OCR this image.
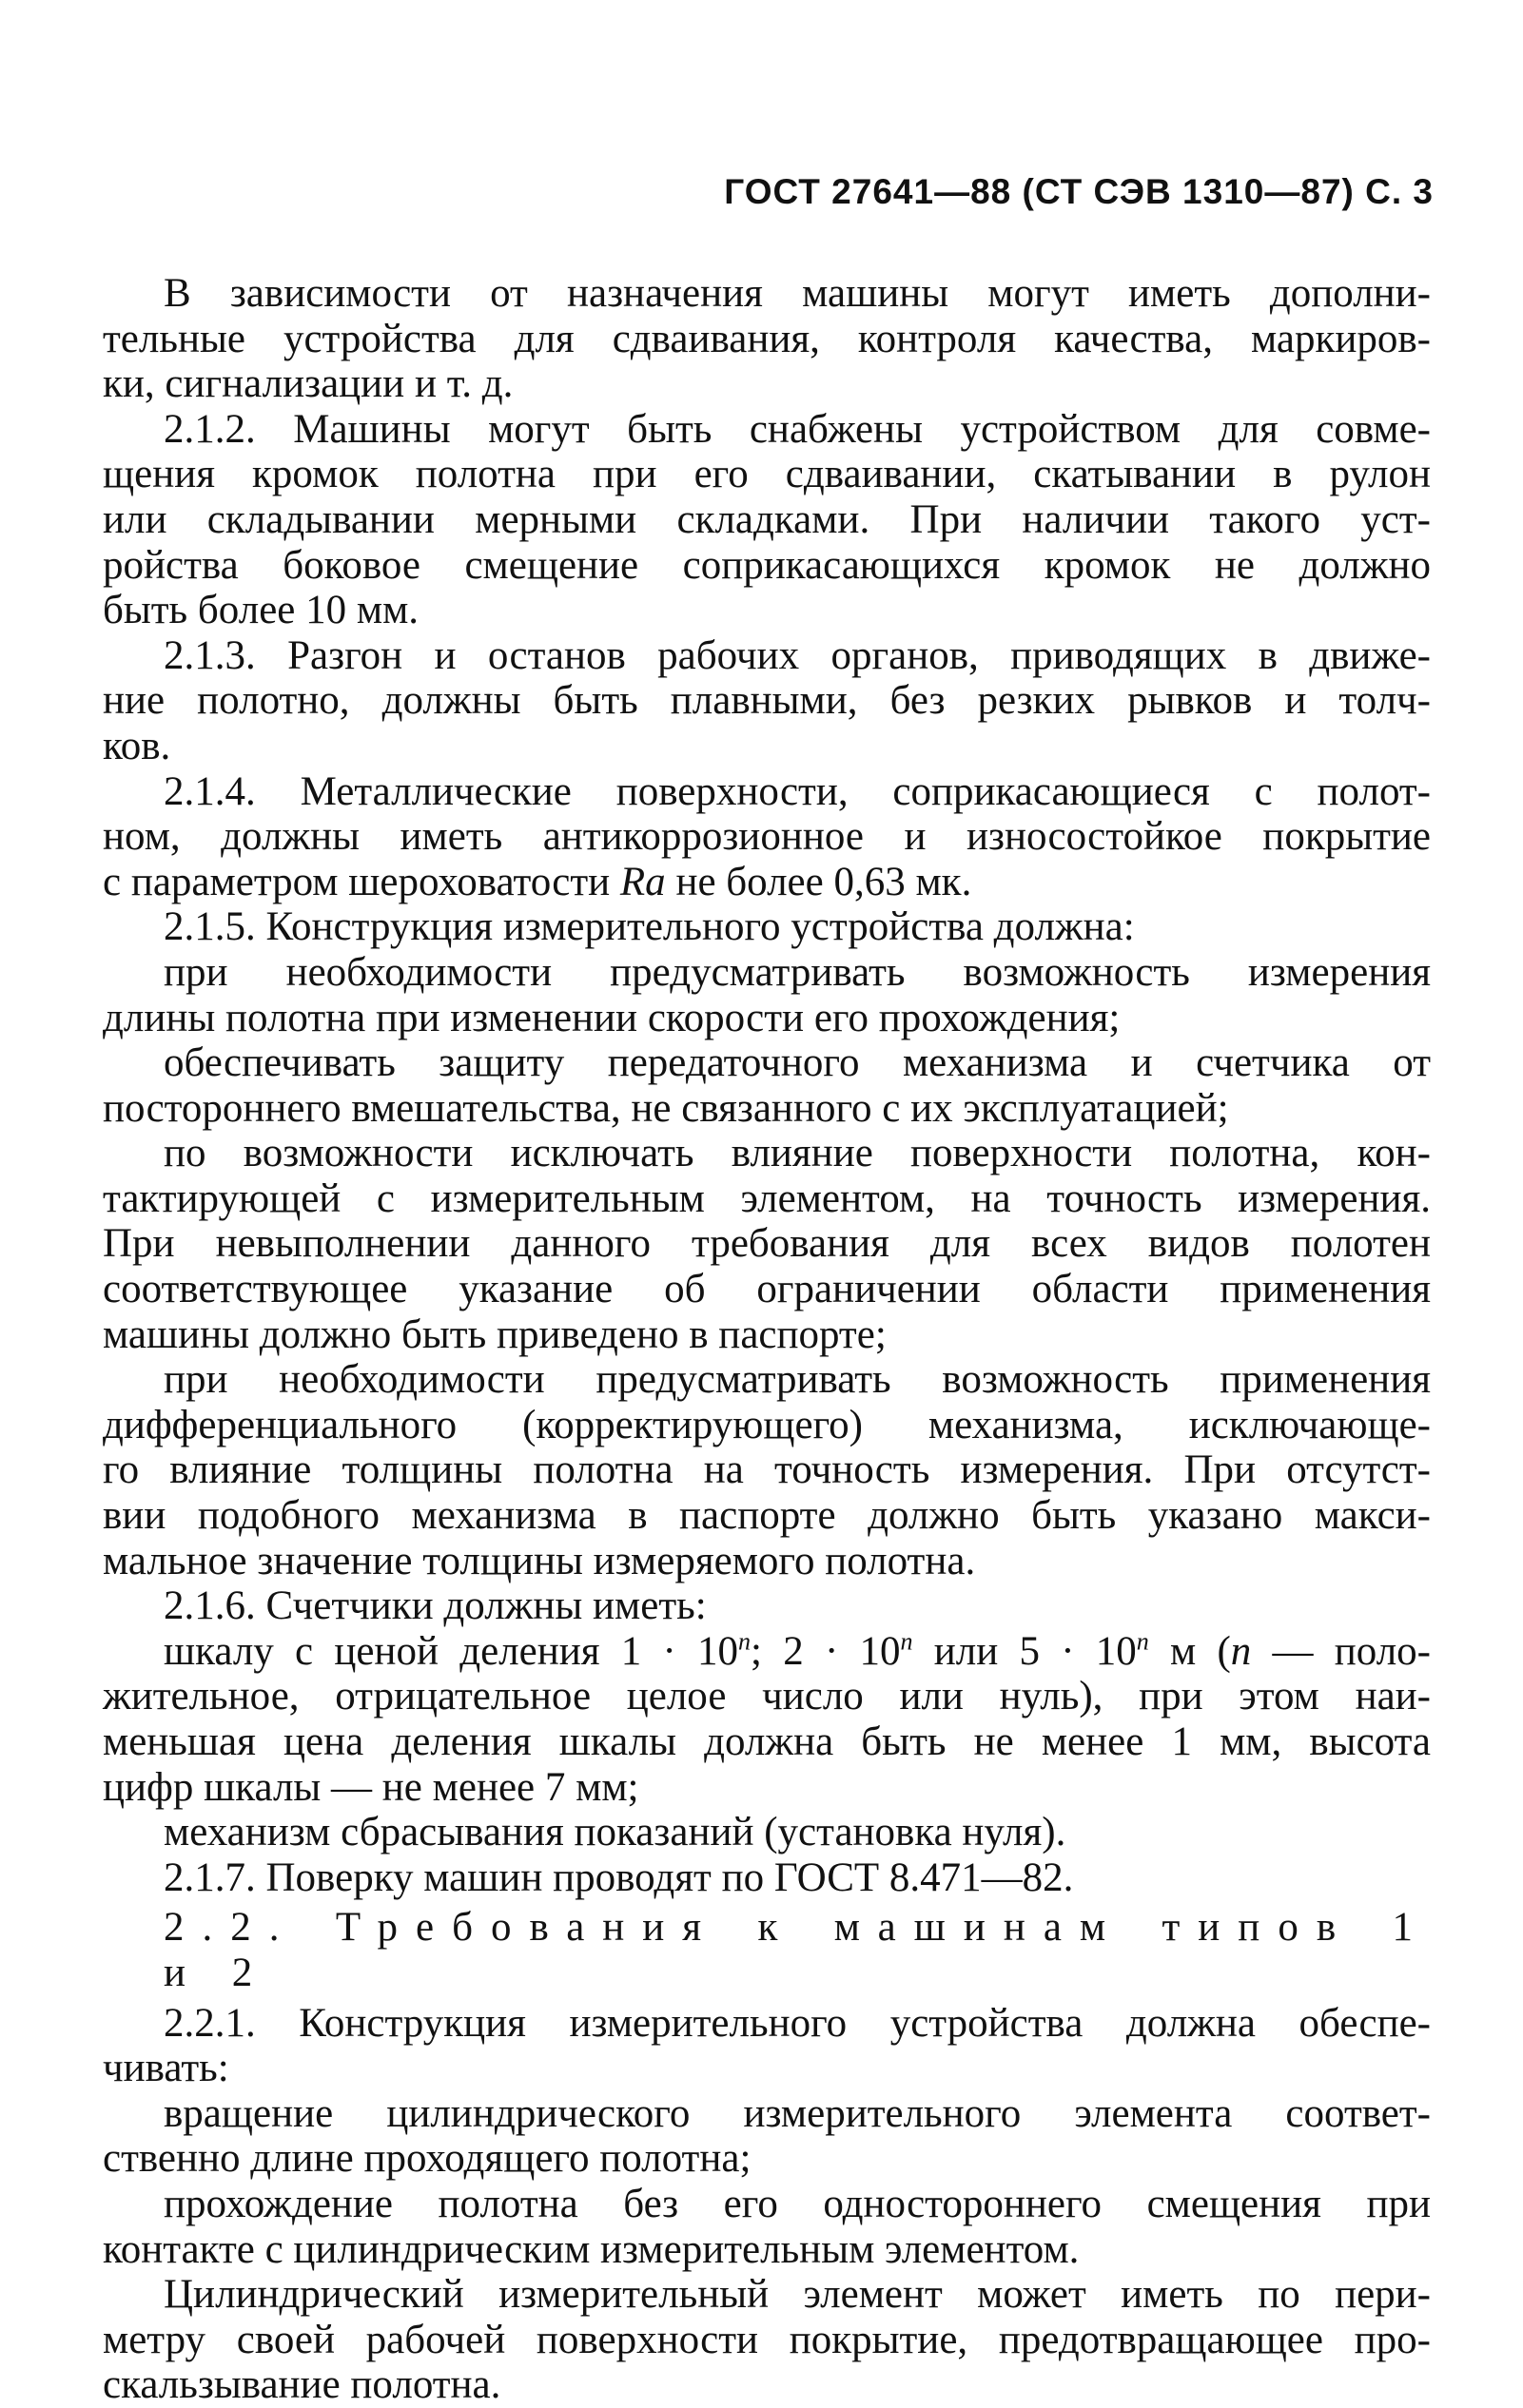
ГОСТ 27641—88 (СТ СЭВ 1310—87) С. 3

В зависимости от назначения машины могут иметь дополни-

тельные устройства для сдваивания, контроля качества, маркиров-

ки, сигнализации и т. д.

2.1.2. Машины могут быть снабжены устройством для совме-

щения кромок полотна при его сдваивании, скатывании в рулон

или складывании мерными складками. При наличии такого уст-

ройства боковое смещение соприкасающихся кромок не должно

быть более 10 мм.

2.1.3. Разгон и останов рабочих органов, приводящих в движе-

ние полотно, должны быть плавными, без резких рывков и толч-

ков.

2.1.4. Металлические поверхности, соприкасающиеся с полот-

ном, должны иметь антикоррозионное и износостойкое покрытие

с параметром шероховатости Ra не более 0,63 мк.

2.1.5. Конструкция измерительного устройства должна:

при необходимости предусматривать возможность измерения

длины полотна при изменении скорости его прохождения;

обеспечивать защиту передаточного механизма и счетчика от

постороннего вмешательства, не связанного с их эксплуатацией;

по возможности исключать влияние поверхности полотна, кон-

тактирующей с измерительным элементом, на точность измерения.

При невыполнении данного требования для всех видов полотен

соответствующее указание об ограничении области применения

машины должно быть приведено в паспорте;

при необходимости предусматривать возможность применения

дифференциального (корректирующего) механизма, исключающе-

го влияние толщины полотна на точность измерения. При отсутст-

вии подобного механизма в паспорте должно быть указано макси-

мальное значение толщины измеряемого полотна.

2.1.6. Счетчики должны иметь:

шкалу с ценой деления $1 \cdot 10^n$; $2 \cdot 10^n$ или $5 \cdot 10^n$ м (n — поло-

жительное, отрицательное целое число или нуль), при этом наи-

меньшая цена деления шкалы должна быть не менее 1 мм, высота

цифр шкалы — не менее 7 мм;

механизм сбрасывания показаний (установка нуля).

2.1.7. Поверку машин проводят по ГОСТ 8.471—82.

2.2. Требования к машинам типов 1 и 2

2.2.1. Конструкция измерительного устройства должна обеспе-

чивать:

вращение цилиндрического измерительного элемента соответ-

ственно длине проходящего полотна;

прохождение полотна без его одностороннего смещения при

контакте с цилиндрическим измерительным элементом.

Цилиндрический измерительный элемент может иметь по пери-

метру своей рабочей поверхности покрытие, предотвращающее про-

скальзывание полотна.
